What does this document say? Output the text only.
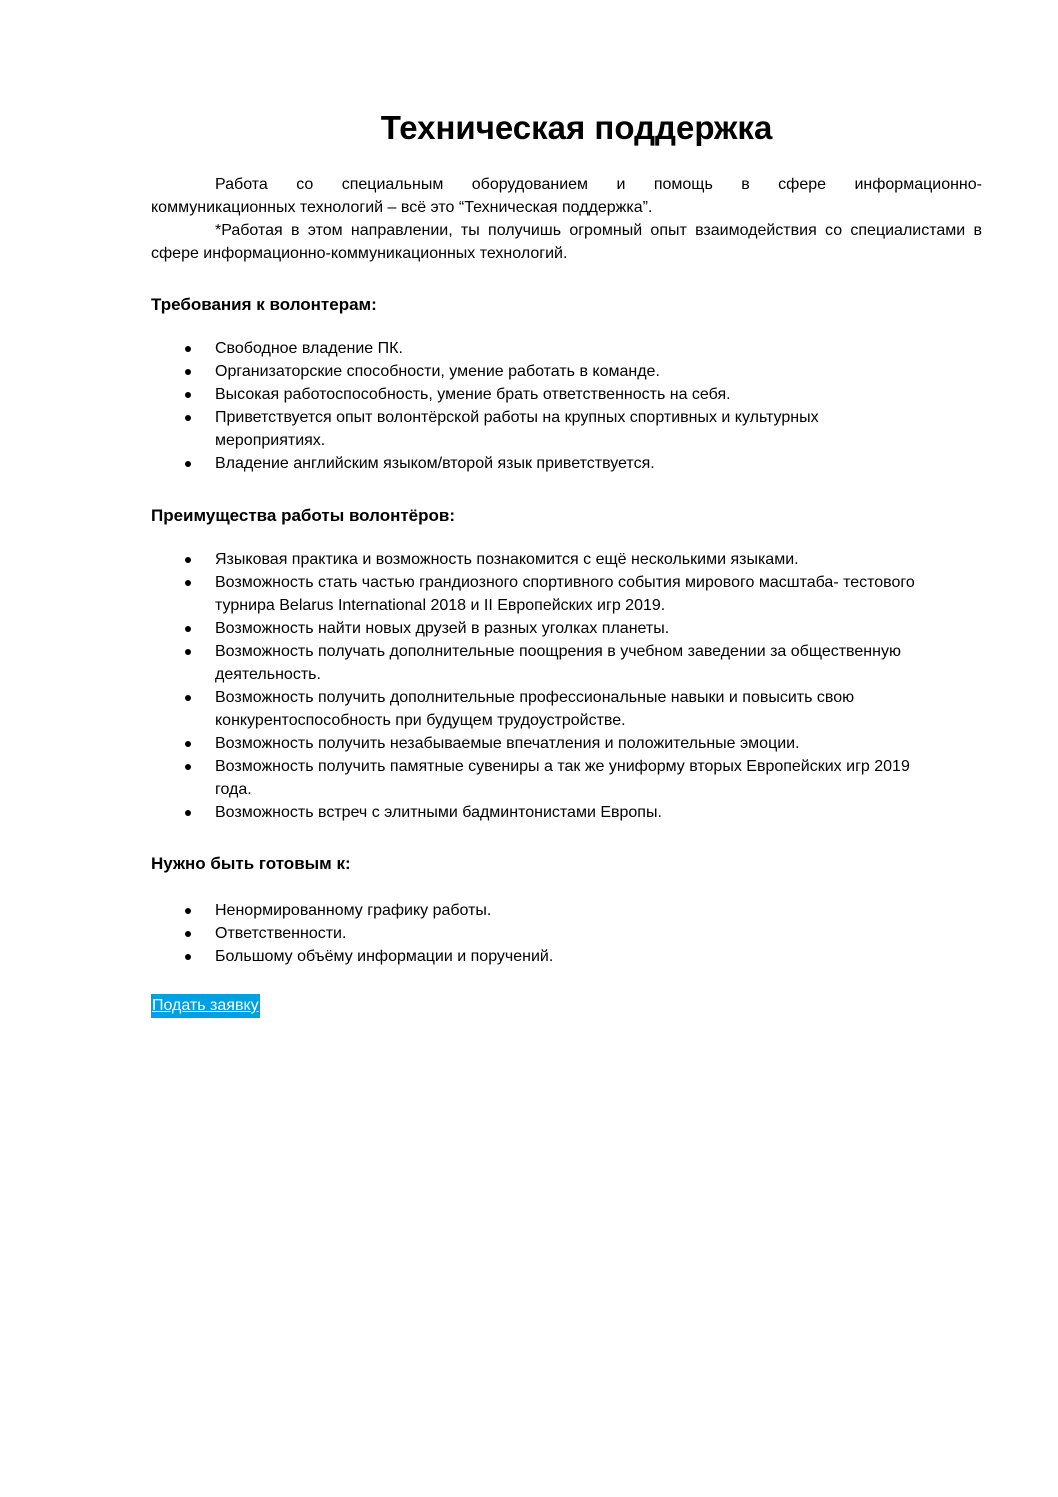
Техническая поддержка

Работа со специальным оборудованием и помощь в сфере информационно-

коммуникационных технологий – всё это “Техническая поддержка”.

*Работая в этом направлении, ты получишь огромный опыт взаимодействия со специалистами в сфере информационно-коммуникационных технологий.

Требования к волонтерам:
Свободное владение ПК.
Организаторские способности, умение работать в команде.
Высокая работоспособность, умение брать ответственность на себя.
Приветствуется опыт волонтёрской работы на крупных спортивных и культурных мероприятиях.
Владение английским языком/второй язык приветствуется.
Преимущества работы волонтёров:
Языковая практика и возможность познакомится с ещё несколькими языками.
Возможность стать частью грандиозного спортивного события мирового масштаба- тестового турнира Belarus International 2018 и II Европейских игр 2019.
Возможность найти новых друзей в разных уголках планеты.
Возможность получать дополнительные поощрения в учебном заведении за общественную деятельность.
Возможность получить дополнительные профессиональные навыки и повысить свою конкурентоспособность при будущем трудоустройстве.
Возможность получить незабываемые впечатления и положительные эмоции.
Возможность получить памятные сувениры а так же униформу вторых Европейских игр 2019 года.
Возможность встреч с элитными бадминтонистами Европы.
Нужно быть готовым к:
Ненормированному графику работы.
Ответственности.
Большому объёму информации и поручений.
Подать заявку
